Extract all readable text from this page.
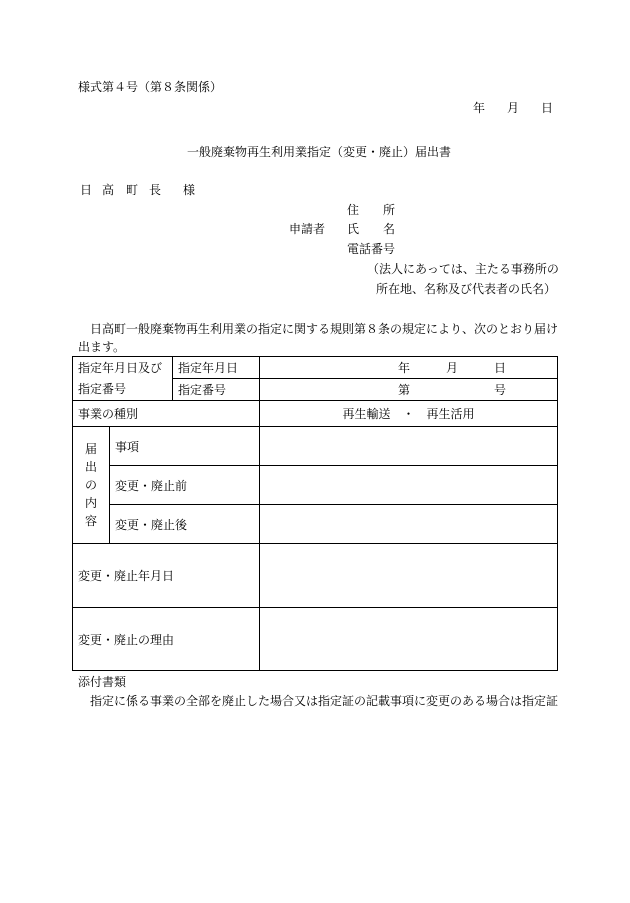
様式第４号（第８条関係）
年 月 日
一般廃棄物再生利用業指定（変更・廃止）届出書
日 高 町 長 様
住 所
申請者 氏 名
電話番号
（法人にあっては、主たる事務所の
所在地、名称及び代表者の氏名）
日高町一般廃棄物再生利用業の指定に関する規則第８条の規定により、次のとおり届け
出ます。
指定年月日及び指定番号		指定年月日	年 月 日

		指定番号	第 号

事業の種別			再生輸送　・　再生活用

届
出
の
内
容	事項		
	変更・廃止前		
	変更・廃止後		
変更・廃止年月日			
変更・廃止の理由			
添付書類
指定に係る事業の全部を廃止した場合又は指定証の記載事項に変更のある場合は指定証
